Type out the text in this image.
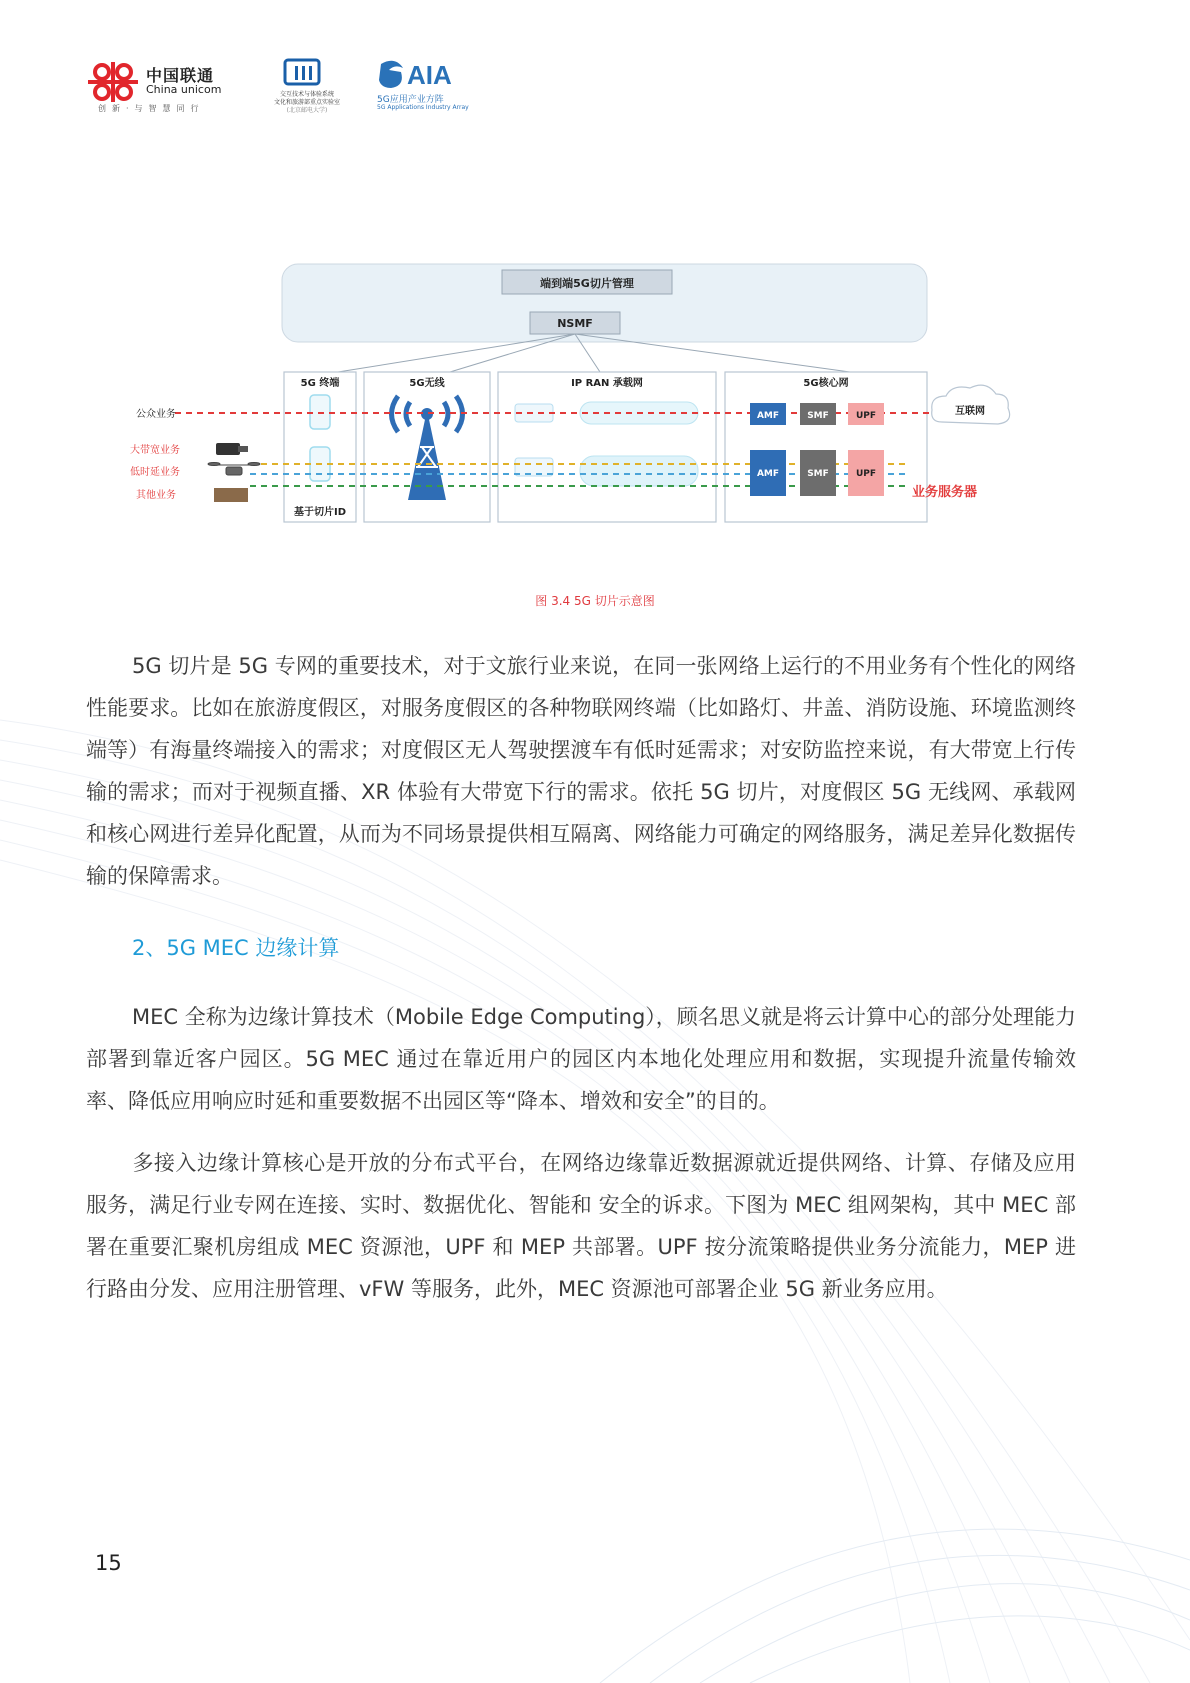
中国联通
China unicom
创新·与智慧同行
交互技术与体验系统
文化和旅游部重点实验室
(北京邮电大学)
AIA
5G应用产业方阵
5G Applications Industry Array
端到端5G切片管理
NSMF
5G 终端	5G无线	IP RAN 承载网	5G核心网
基于切片ID
公众业务
大带宽业务
低时延业务
其他业务
AMF	SMF	UPF
AMF	SMF	UPF
互联网
业务服务器
图 3.4 5G 切片示意图

5G 切片是 5G 专网的重要技术，对于文旅行业来说，在同一张网络上运行的不用业务有个性化的网络性能要求。比如在旅游度假区，对服务度假区的各种物联网终端（比如路灯、井盖、消防设施、环境监测终端等）有海量终端接入的需求；对度假区无人驾驶摆渡车有低时延需求；对安防监控来说，有大带宽上行传输的需求；而对于视频直播、XR 体验有大带宽下行的需求。依托 5G 切片，对度假区 5G 无线网、承载网和核心网进行差异化配置，从而为不同场景提供相互隔离、网络能力可确定的网络服务，满足差异化数据传输的保障需求。

2、5G MEC 边缘计算

MEC 全称为边缘计算技术（Mobile Edge Computing），顾名思义就是将云计算中心的部分处理能力部署到靠近客户园区。5G MEC 通过在靠近用户的园区内本地化处理应用和数据，实现提升流量传输效率、降低应用响应时延和重要数据不出园区等“降本、增效和安全”的目的。

多接入边缘计算核心是开放的分布式平台，在网络边缘靠近数据源就近提供网络、计算、存储及应用服务，满足行业专网在连接、实时、数据优化、智能和 安全的诉求。下图为 MEC 组网架构，其中 MEC 部署在重要汇聚机房组成 MEC 资源池，UPF 和 MEP 共部署。UPF 按分流策略提供业务分流能力，MEP 进行路由分发、应用注册管理、vFW 等服务，此外，MEC 资源池可部署企业 5G 新业务应用。

15
